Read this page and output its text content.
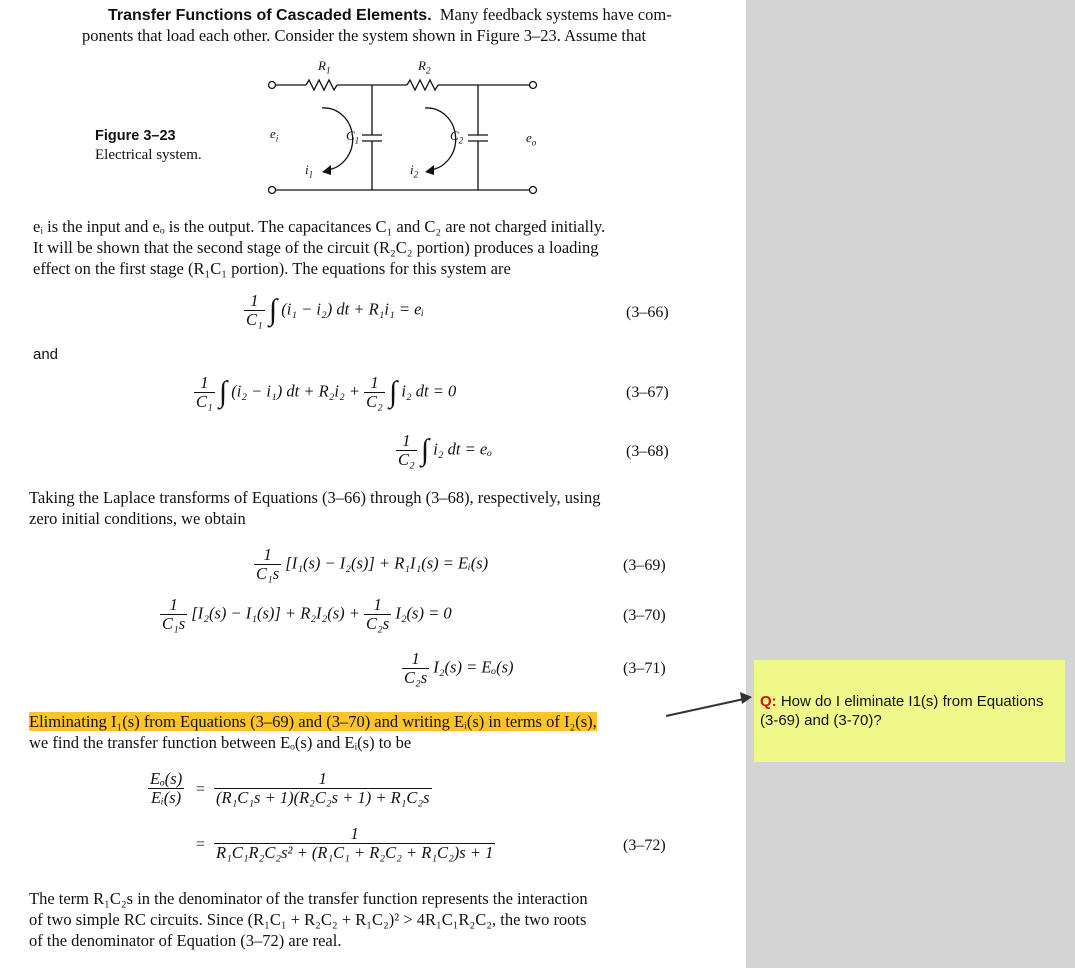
Transfer Functions of Cascaded Elements. Many feedback systems have com-
ponents that load each other. Consider the system shown in Figure 3–23. Assume that
Figure 3–23
Electrical system.
$R_1$	$R_2$
$C_1$	$C_2$
$e_i$	$e_o$
$i_1$	$i_2$
eᵢ is the input and eₒ is the output. The capacitances C₁ and C₂ are not charged initially.
It will be shown that the second stage of the circuit (R₂C₂ portion) produces a loading
effect on the first stage (R₁C₁ portion). The equations for this system are
$\frac{1}{\text{C₁}}$ ∫ (i₁ − i₂) dt + R₁i₁ = eᵢ	(3–66)
and
$\frac{1}{\text{C₁}}$ ∫ (i₂ − i₁) dt + $R_2i_2 + \frac{1}{\text{C₂}}$ ∫ i₂ dt = 0	(3–67)
$\frac{1}{\text{C₂}}$ ∫ i₂ dt = eₒ	(3–68)
Taking the Laplace transforms of Equations (3–66) through (3–68), respectively, using
zero initial conditions, we obtain
$\frac{1}{\text{C₁s}} [I_1(s) - I_2(s)] + R_1I_1(s)$ = Eᵢ(s)	(3–69)
$\frac{1}{\text{C₁s}} [I_2(s) - I_1(s)] + R_2I_2(s) + \frac{1}{\text{C₂s}} I_2(s) = 0$	(3–70)
$\frac{1}{\text{C₂s}} I_2(s) = E_o(s)$	(3–71)
Eliminating I₁(s) from Equations (3–69) and (3–70) and writing Eᵢ(s) in terms of I₂(s),
we find the transfer function between Eₒ(s) and Eᵢ(s) to be
$\frac{\text{Eₒ(s)}}{\text{Eᵢ(s)}} = \frac{1}{\text{(R₁C₁s + 1)(R₂C₂s + 1) + R₁C₂s}}$
= $\frac{1}{\text{R₁C₁R₂C₂s² + (R₁C₁ + R₂C₂ + R₁C₂)s + 1}}$	(3–72)
The term R₁C₂s in the denominator of the transfer function represents the interaction
of two simple RC circuits. Since (R₁C₁ + R₂C₂ + R₁C₂)² > 4R₁C₁R₂C₂, the two roots
of the denominator of Equation (3–72) are real.
Q: How do I eliminate I1(s) from Equations (3-69) and (3-70)?
